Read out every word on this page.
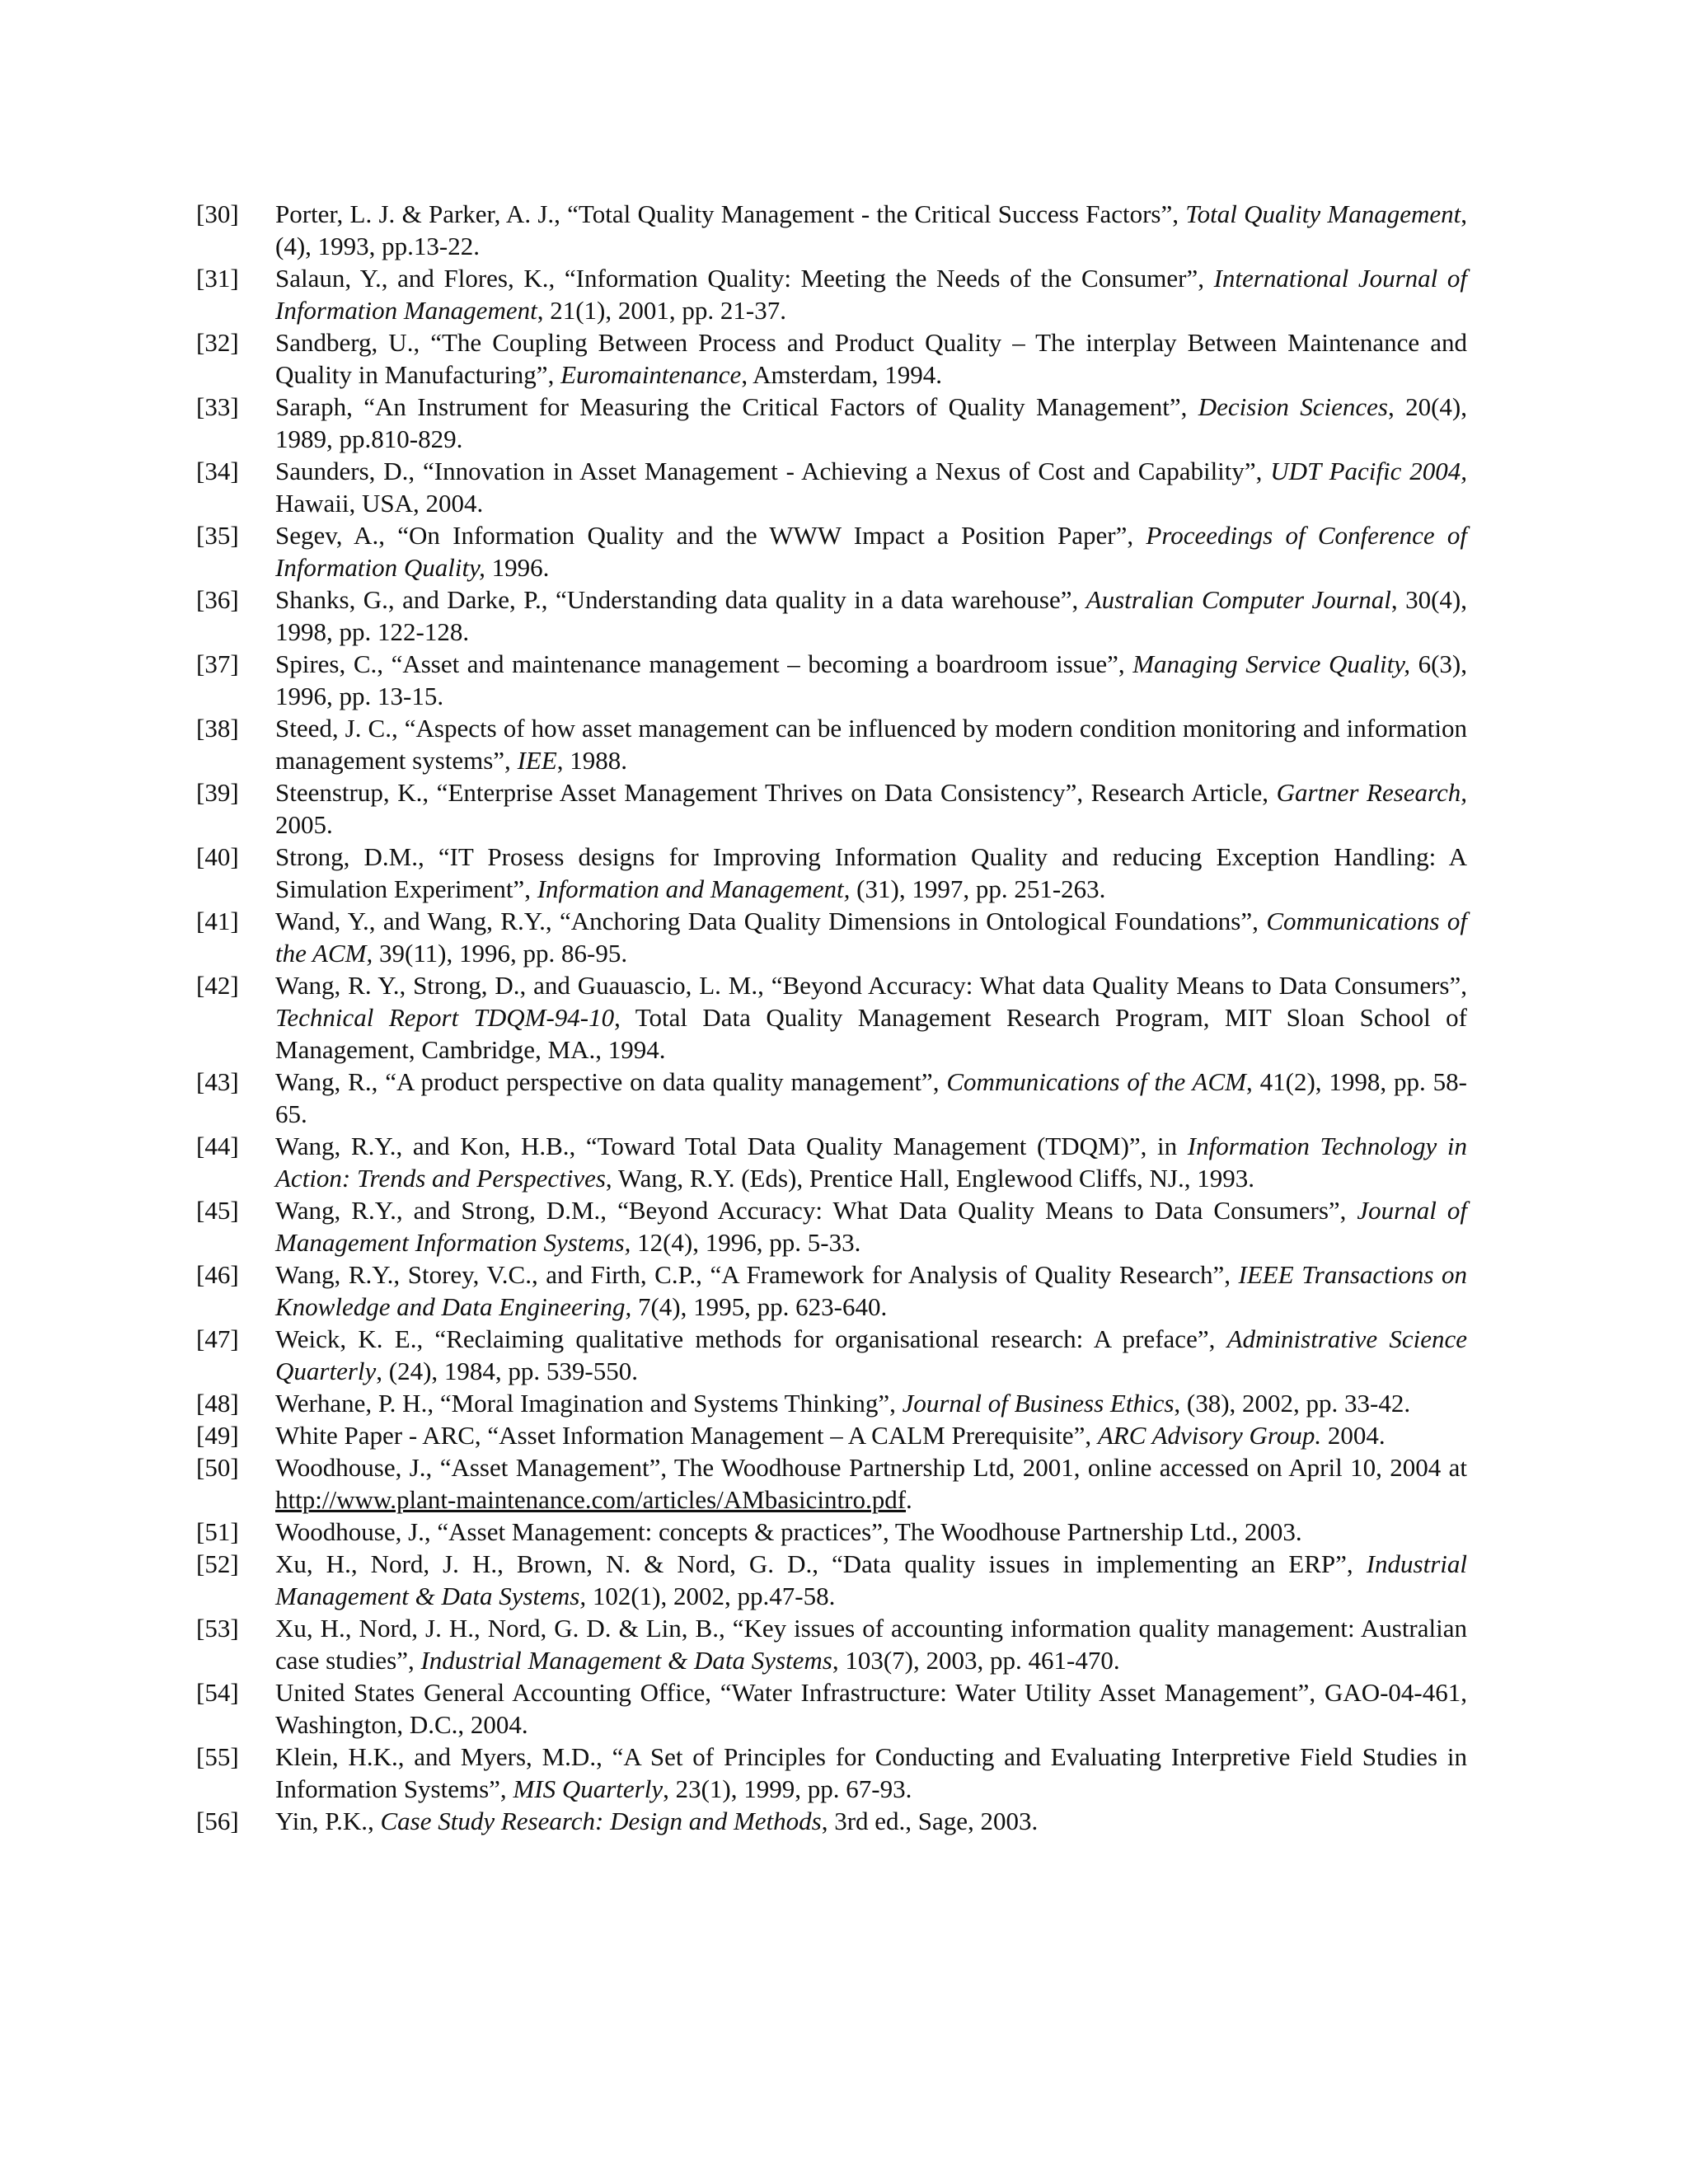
[30]	Porter, L. J. & Parker, A. J., “Total Quality Management - the Critical Success Factors”, Total Quality Management, (4), 1993, pp.13-22.
[31]	Salaun, Y., and Flores, K., “Information Quality: Meeting the Needs of the Consumer”, International Journal of Information Management, 21(1), 2001, pp. 21-37.
[32]	Sandberg, U., “The Coupling Between Process and Product Quality – The interplay Between Maintenance and Quality in Manufacturing”, Euromaintenance, Amsterdam, 1994.
[33]	Saraph, “An Instrument for Measuring the Critical Factors of Quality Management”, Decision Sciences, 20(4), 1989, pp.810-829.
[34]	Saunders, D., “Innovation in Asset Management - Achieving a Nexus of Cost and Capability”, UDT Pacific 2004, Hawaii, USA, 2004.
[35]	Segev, A., “On Information Quality and the WWW Impact a Position Paper”, Proceedings of Conference of Information Quality, 1996.
[36]	Shanks, G., and Darke, P., “Understanding data quality in a data warehouse”, Australian Computer Journal, 30(4), 1998, pp. 122-128.
[37]	Spires, C., “Asset and maintenance management – becoming a boardroom issue”, Managing Service Quality, 6(3), 1996, pp. 13-15.
[38]	Steed, J. C., “Aspects of how asset management can be influenced by modern condition monitoring and information management systems”, IEE, 1988.
[39]	Steenstrup, K., “Enterprise Asset Management Thrives on Data Consistency”, Research Article, Gartner Research, 2005.
[40]	Strong, D.M., “IT Prosess designs for Improving Information Quality and reducing Exception Handling: A Simulation Experiment”, Information and Management, (31), 1997, pp. 251-263.
[41]	Wand, Y., and Wang, R.Y., “Anchoring Data Quality Dimensions in Ontological Foundations”, Communications of the ACM, 39(11), 1996, pp. 86-95.
[42]	Wang, R. Y., Strong, D., and Guauascio, L. M., “Beyond Accuracy: What data Quality Means to Data Consumers”, Technical Report TDQM-94-10, Total Data Quality Management Research Program, MIT Sloan School of Management, Cambridge, MA., 1994.
[43]	Wang, R., “A product perspective on data quality management”, Communications of the ACM, 41(2), 1998, pp. 58-65.
[44]	Wang, R.Y., and Kon, H.B., “Toward Total Data Quality Management (TDQM)”, in Information Technology in Action: Trends and Perspectives, Wang, R.Y. (Eds), Prentice Hall, Englewood Cliffs, NJ., 1993.
[45]	Wang, R.Y., and Strong, D.M., “Beyond Accuracy: What Data Quality Means to Data Consumers”, Journal of Management Information Systems, 12(4), 1996, pp. 5-33.
[46]	Wang, R.Y., Storey, V.C., and Firth, C.P., “A Framework for Analysis of Quality Research”, IEEE Transactions on Knowledge and Data Engineering, 7(4), 1995, pp. 623-640.
[47]	Weick, K. E., “Reclaiming qualitative methods for organisational research: A preface”, Administrative Science Quarterly, (24), 1984, pp. 539-550.
[48]	Werhane, P. H., “Moral Imagination and Systems Thinking”, Journal of Business Ethics, (38), 2002, pp. 33-42.
[49]	White Paper - ARC, “Asset Information Management – A CALM Prerequisite”, ARC Advisory Group. 2004.
[50]	Woodhouse, J., “Asset Management”, The Woodhouse Partnership Ltd, 2001, online accessed on April 10, 2004 at http://www.plant-maintenance.com/articles/AMbasicintro.pdf.
[51]	Woodhouse, J., “Asset Management: concepts & practices”, The Woodhouse Partnership Ltd., 2003.
[52]	Xu, H., Nord, J. H., Brown, N. & Nord, G. D., “Data quality issues in implementing an ERP”, Industrial Management & Data Systems, 102(1), 2002, pp.47-58.
[53]	Xu, H., Nord, J. H., Nord, G. D. & Lin, B., “Key issues of accounting information quality management: Australian case studies”, Industrial Management & Data Systems, 103(7), 2003, pp. 461-470.
[54]	United States General Accounting Office, “Water Infrastructure: Water Utility Asset Management”, GAO-04-461, Washington, D.C., 2004.
[55]	Klein, H.K., and Myers, M.D., “A Set of Principles for Conducting and Evaluating Interpretive Field Studies in Information Systems”, MIS Quarterly, 23(1), 1999, pp. 67-93.
[56]	Yin, P.K., Case Study Research: Design and Methods, 3rd ed., Sage, 2003.
